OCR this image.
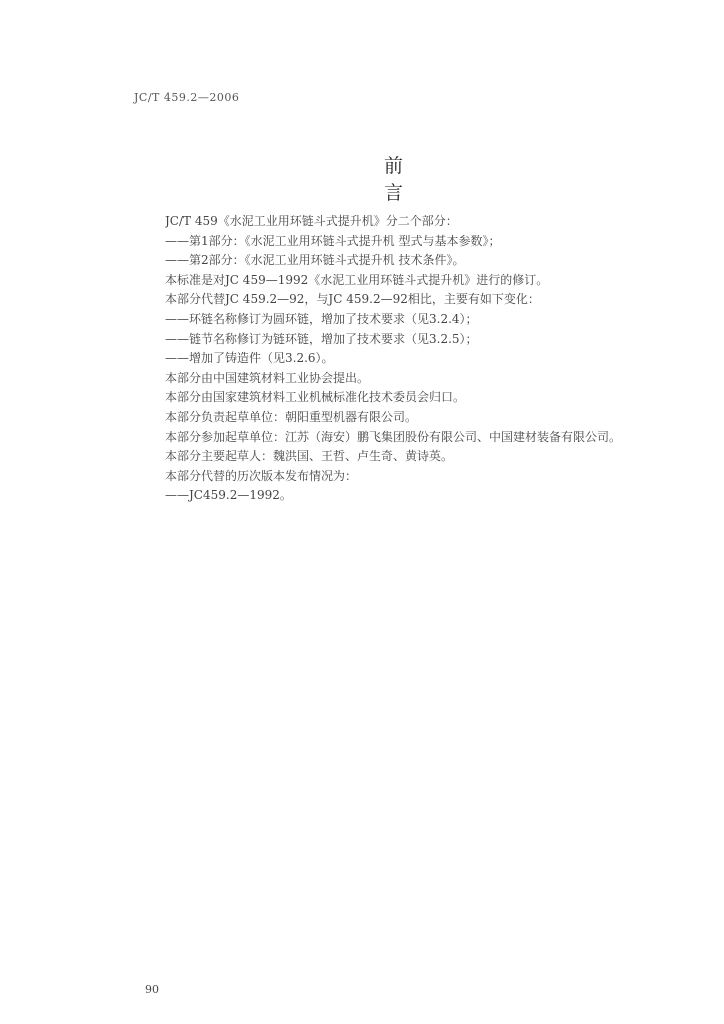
JC/T 459.2—2006
前言
JC/T 459《水泥工业用环链斗式提升机》分二个部分：
——第1部分：《水泥工业用环链斗式提升机 型式与基本参数》；
——第2部分：《水泥工业用环链斗式提升机 技术条件》。
本标准是对JC 459—1992《水泥工业用环链斗式提升机》进行的修订。
本部分代替JC 459.2—92，与JC 459.2—92相比，主要有如下变化：
——环链名称修订为圆环链，增加了技术要求（见3.2.4）；
——链节名称修订为链环链，增加了技术要求（见3.2.5）；
——增加了铸造件（见3.2.6）。
本部分由中国建筑材料工业协会提出。
本部分由国家建筑材料工业机械标准化技术委员会归口。
本部分负责起草单位：朝阳重型机器有限公司。
本部分参加起草单位：江苏（海安）鹏飞集团股份有限公司、中国建材装备有限公司。
本部分主要起草人：魏洪国、王哲、卢生奇、黄诗英。
本部分代替的历次版本发布情况为：
——JC459.2—1992。
90
